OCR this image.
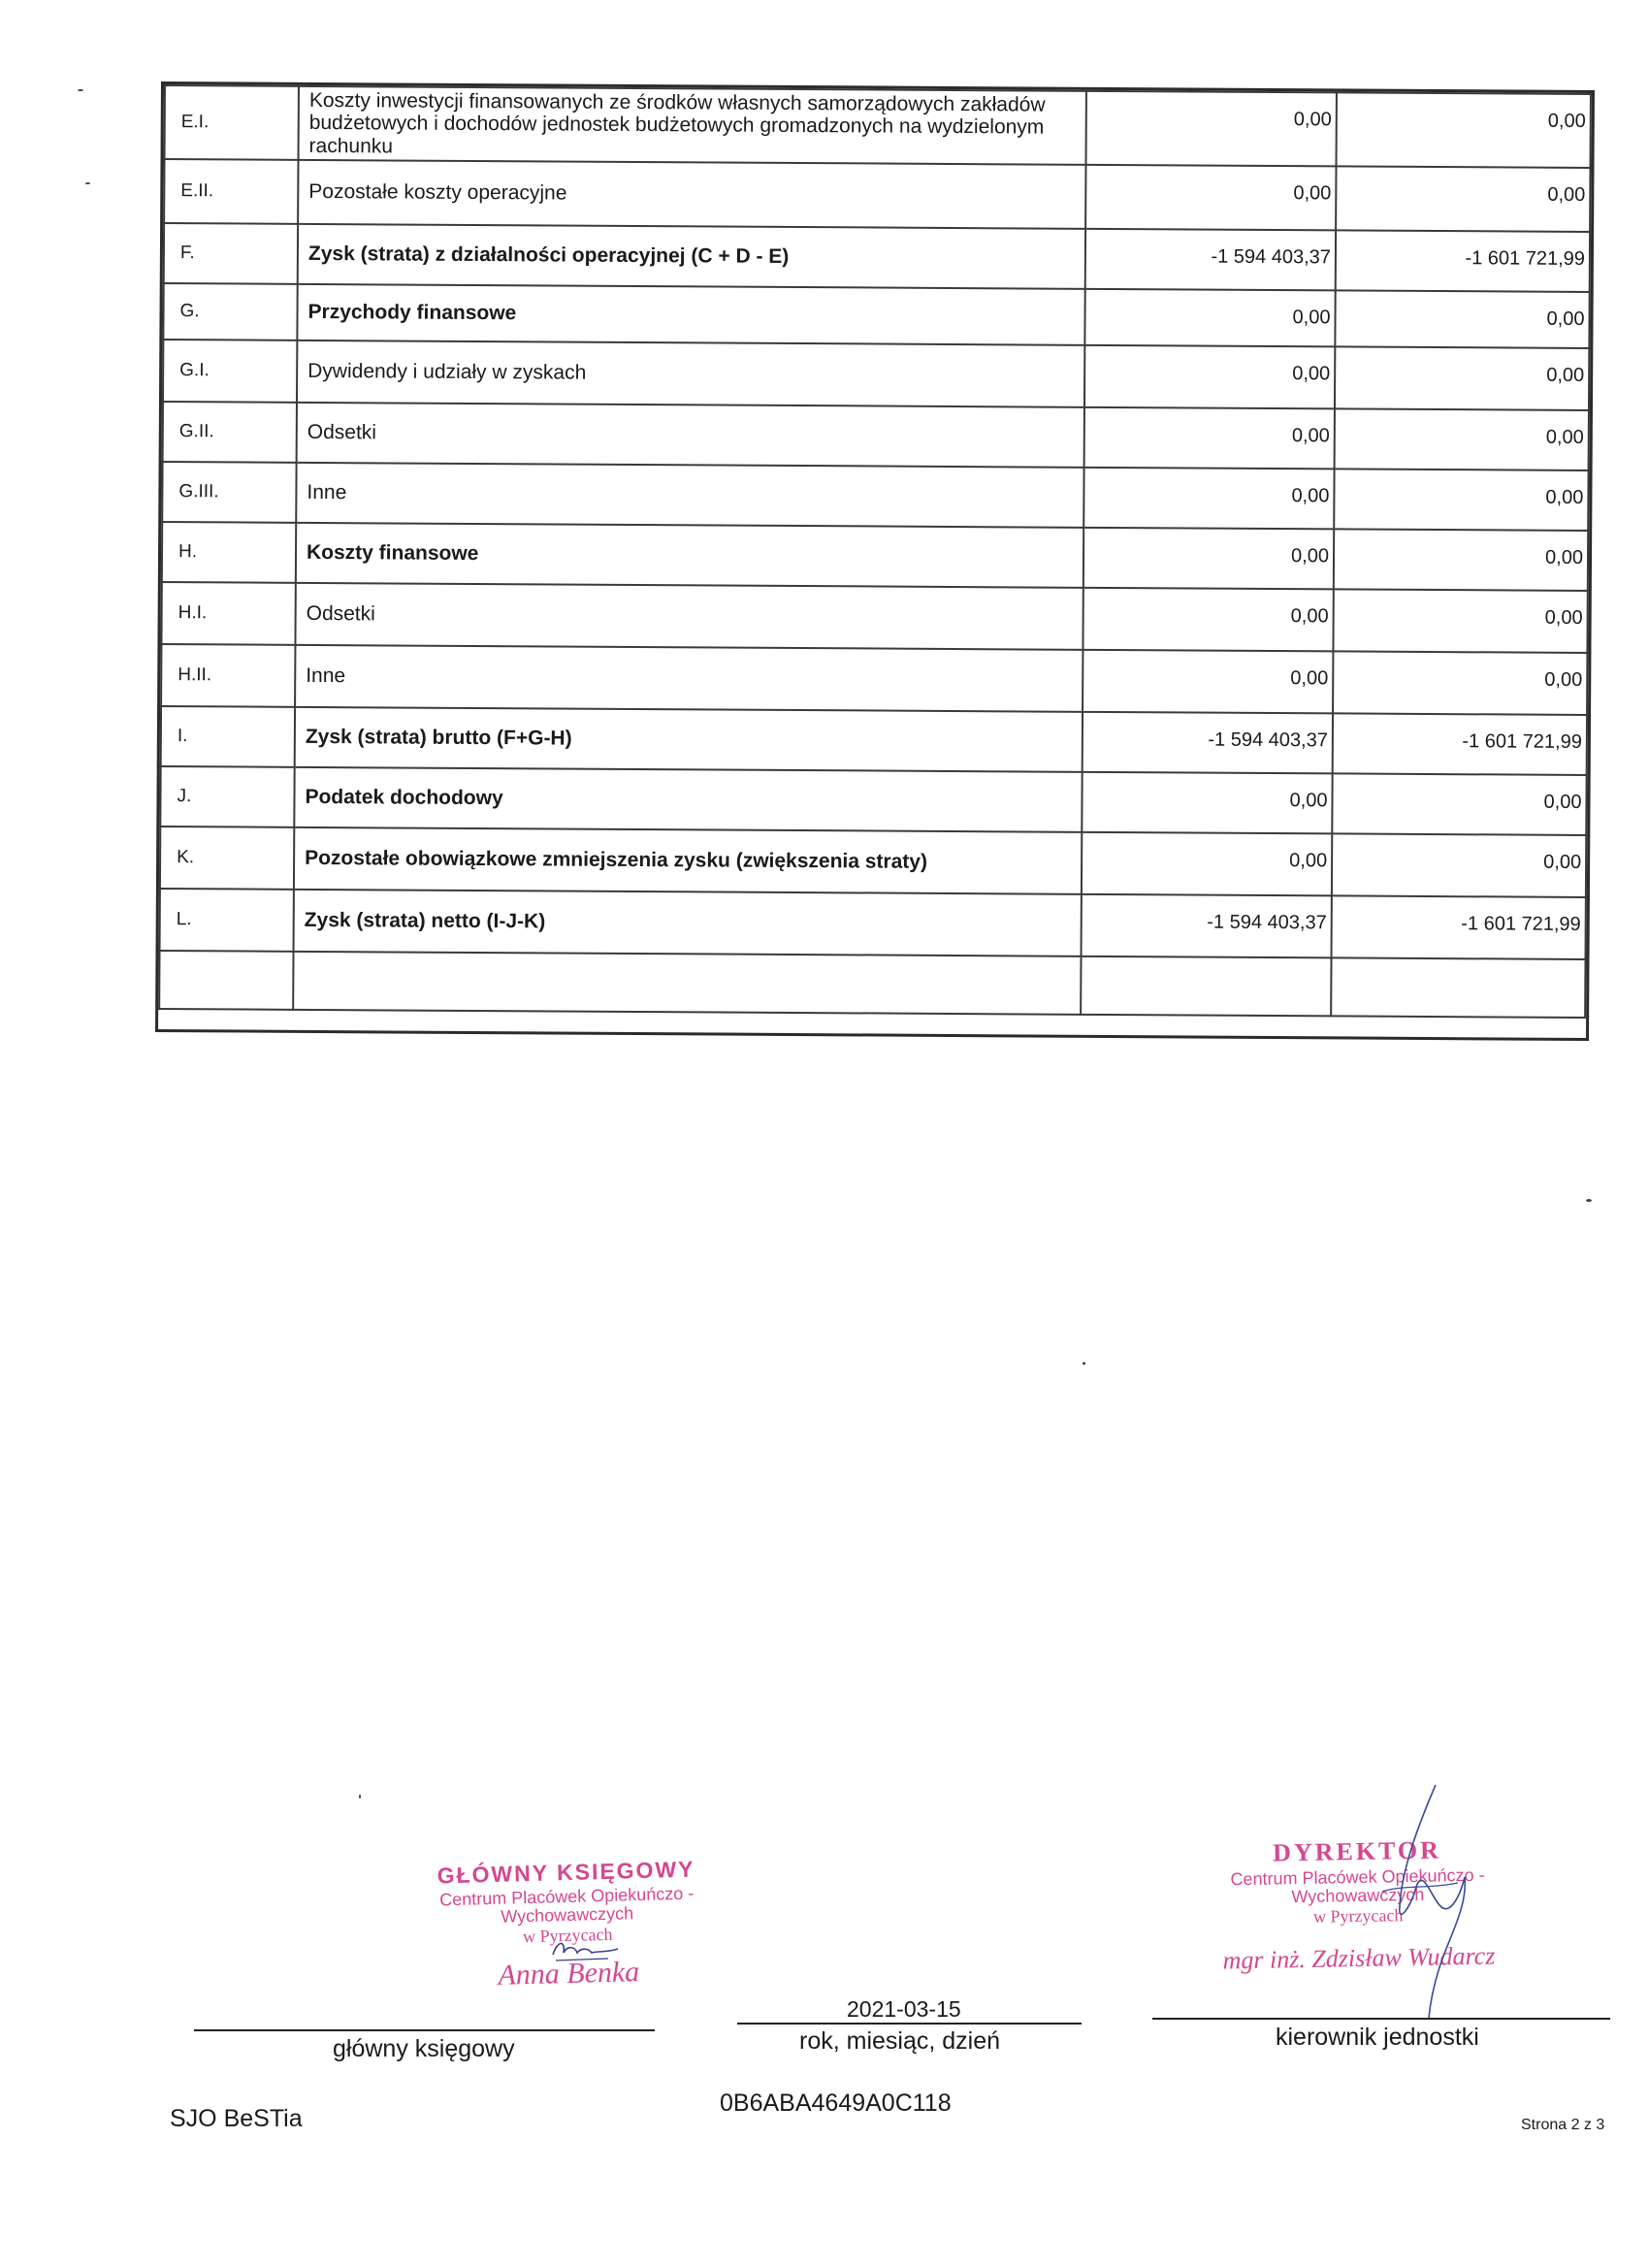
E.I.	Koszty inwestycji finansowanych ze środków własnych samorządowych zakładów budżetowych i dochodów jednostek budżetowych gromadzonych na wydzielonym rachunku	0,00	0,00
E.II.	Pozostałe koszty operacyjne	0,00	0,00
F.	Zysk (strata) z działalności operacyjnej (C + D - E)	-1 594 403,37	-1 601 721,99
G.	Przychody finansowe	0,00	0,00
G.I.	Dywidendy i udziały w zyskach	0,00	0,00
G.II.	Odsetki	0,00	0,00
G.III.	Inne	0,00	0,00
H.	Koszty finansowe	0,00	0,00
H.I.	Odsetki	0,00	0,00
H.II.	Inne	0,00	0,00
I.	Zysk (strata) brutto (F+G-H)	-1 594 403,37	-1 601 721,99
J.	Podatek dochodowy	0,00	0,00
K.	Pozostałe obowiązkowe zmniejszenia zysku (zwiększenia straty)	0,00	0,00
L.	Zysk (strata) netto (I-J-K)	-1 594 403,37	-1 601 721,99

GŁÓWNY KSIĘGOWY
Centrum Placówek Opiekuńczo -Wychowawczych
w Pyrzycach
Anna Benka
DYREKTOR
Centrum Placówek Opiekuńczo -Wychowawczych
w Pyrzycach
mgr inż. Zdzisław Wudarcz
2021-03-15
główny księgowy	rok, miesiąc, dzień	kierownik jednostki
SJO BeSTia
0B6ABA4649A0C118
Strona 2 z 3
